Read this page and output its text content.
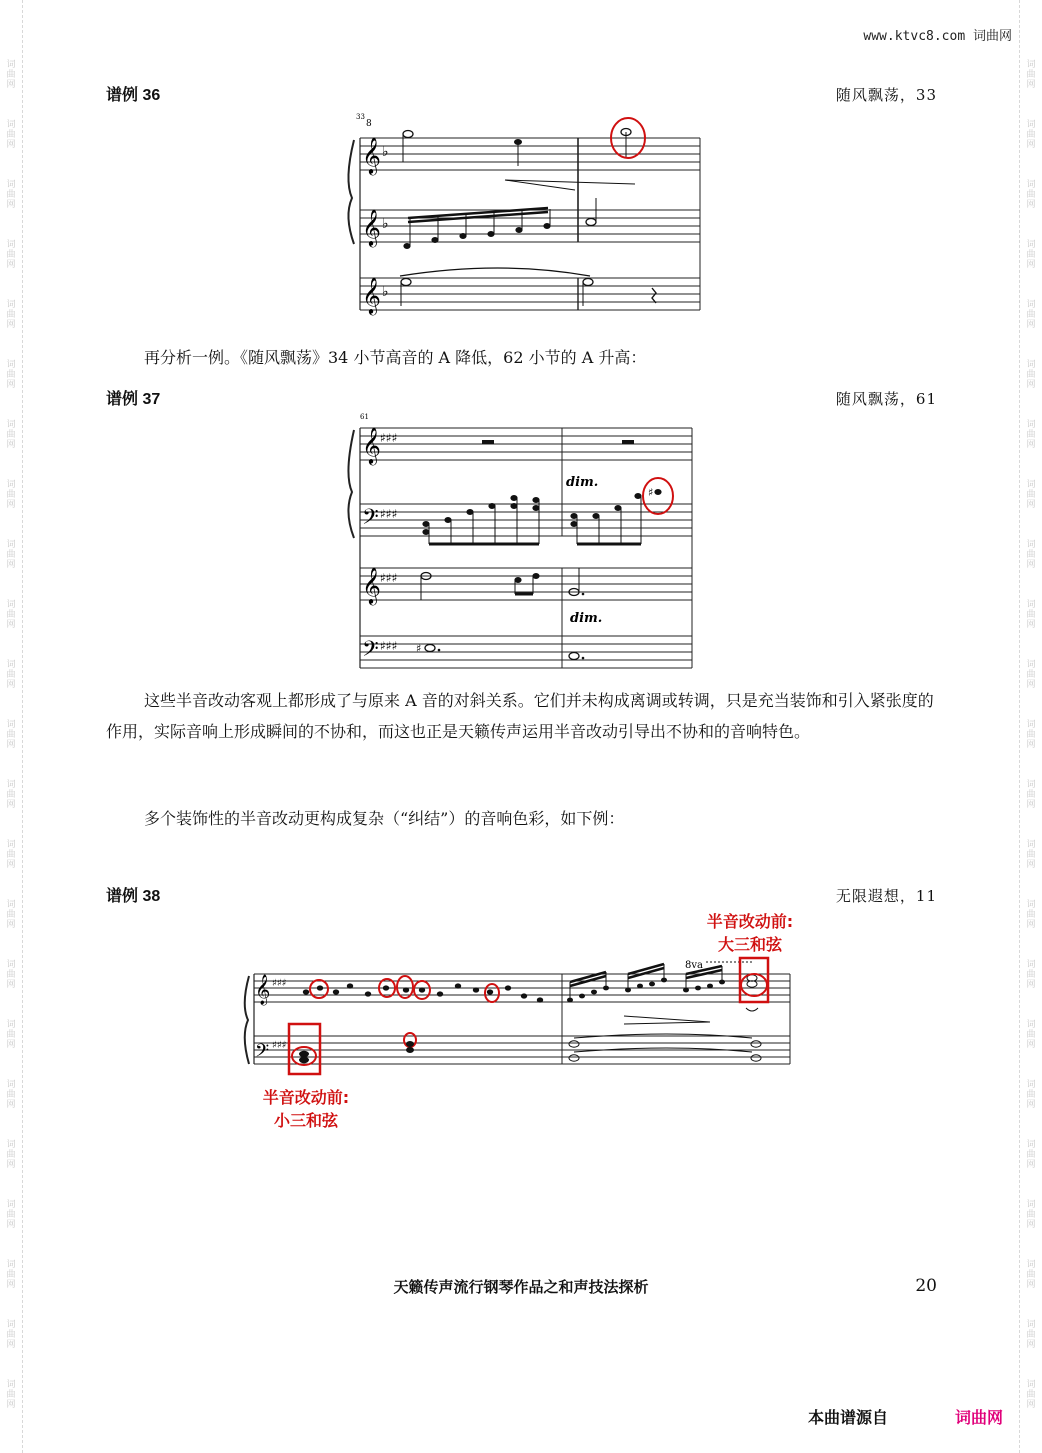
词
曲
网
词
曲
网
词
曲
网
词
曲
网
词
曲
网
词
曲
网
词
曲
网
词
曲
网
词
曲
网
词
曲
网
词
曲
网
词
曲
网
词
曲
网
词
曲
网
词
曲
网
词
曲
网
词
曲
网
词
曲
网
词
曲
网
词
曲
网
词
曲
网
词
曲
网
词
曲
网
词
曲
网
词
曲
网
词
曲
网
词
曲
网
词
曲
网
词
曲
网
词
曲
网
词
曲
网
词
曲
网
词
曲
网
词
曲
网
词
曲
网
词
曲
网
词
曲
网
词
曲
网
词
曲
网
词
曲
网
词
曲
网
词
曲
网
词
曲
网
词
曲
网
词
曲
网
词
曲
网
www.ktvc8.com 词曲网
谱例 36	随风飘荡，33
33
8
𝄞
𝄞
𝄞
♭
♭
♭

再分析一例。《随风飘荡》34 小节高音的 A 降低，62 小节的 A 升高：

谱例 37	随风飘荡，61
61
𝄞
𝄢
𝄞
𝄢
♯♯♯
♯♯♯
♯♯♯
♯♯♯
dim.
♯
dim.
♯

这些半音改动客观上都形成了与原来 A 音的对斜关系。它们并未构成离调或转调，只是充当装饰和引入紧张度的作用，实际音响上形成瞬间的不协和，而这也正是天籁传声运用半音改动引导出不协和的音响特色。

多个装饰性的半音改动更构成复杂（“纠结”）的音响色彩，如下例：

谱例 38	无限遐想，11
半音改动前:
大三和弦
𝄞
𝄢
♯♯♯
♯♯♯
8va
半音改动前:
小三和弦
天籁传声流行钢琴作品之和声技法探析	20
本曲谱源自	词曲网
